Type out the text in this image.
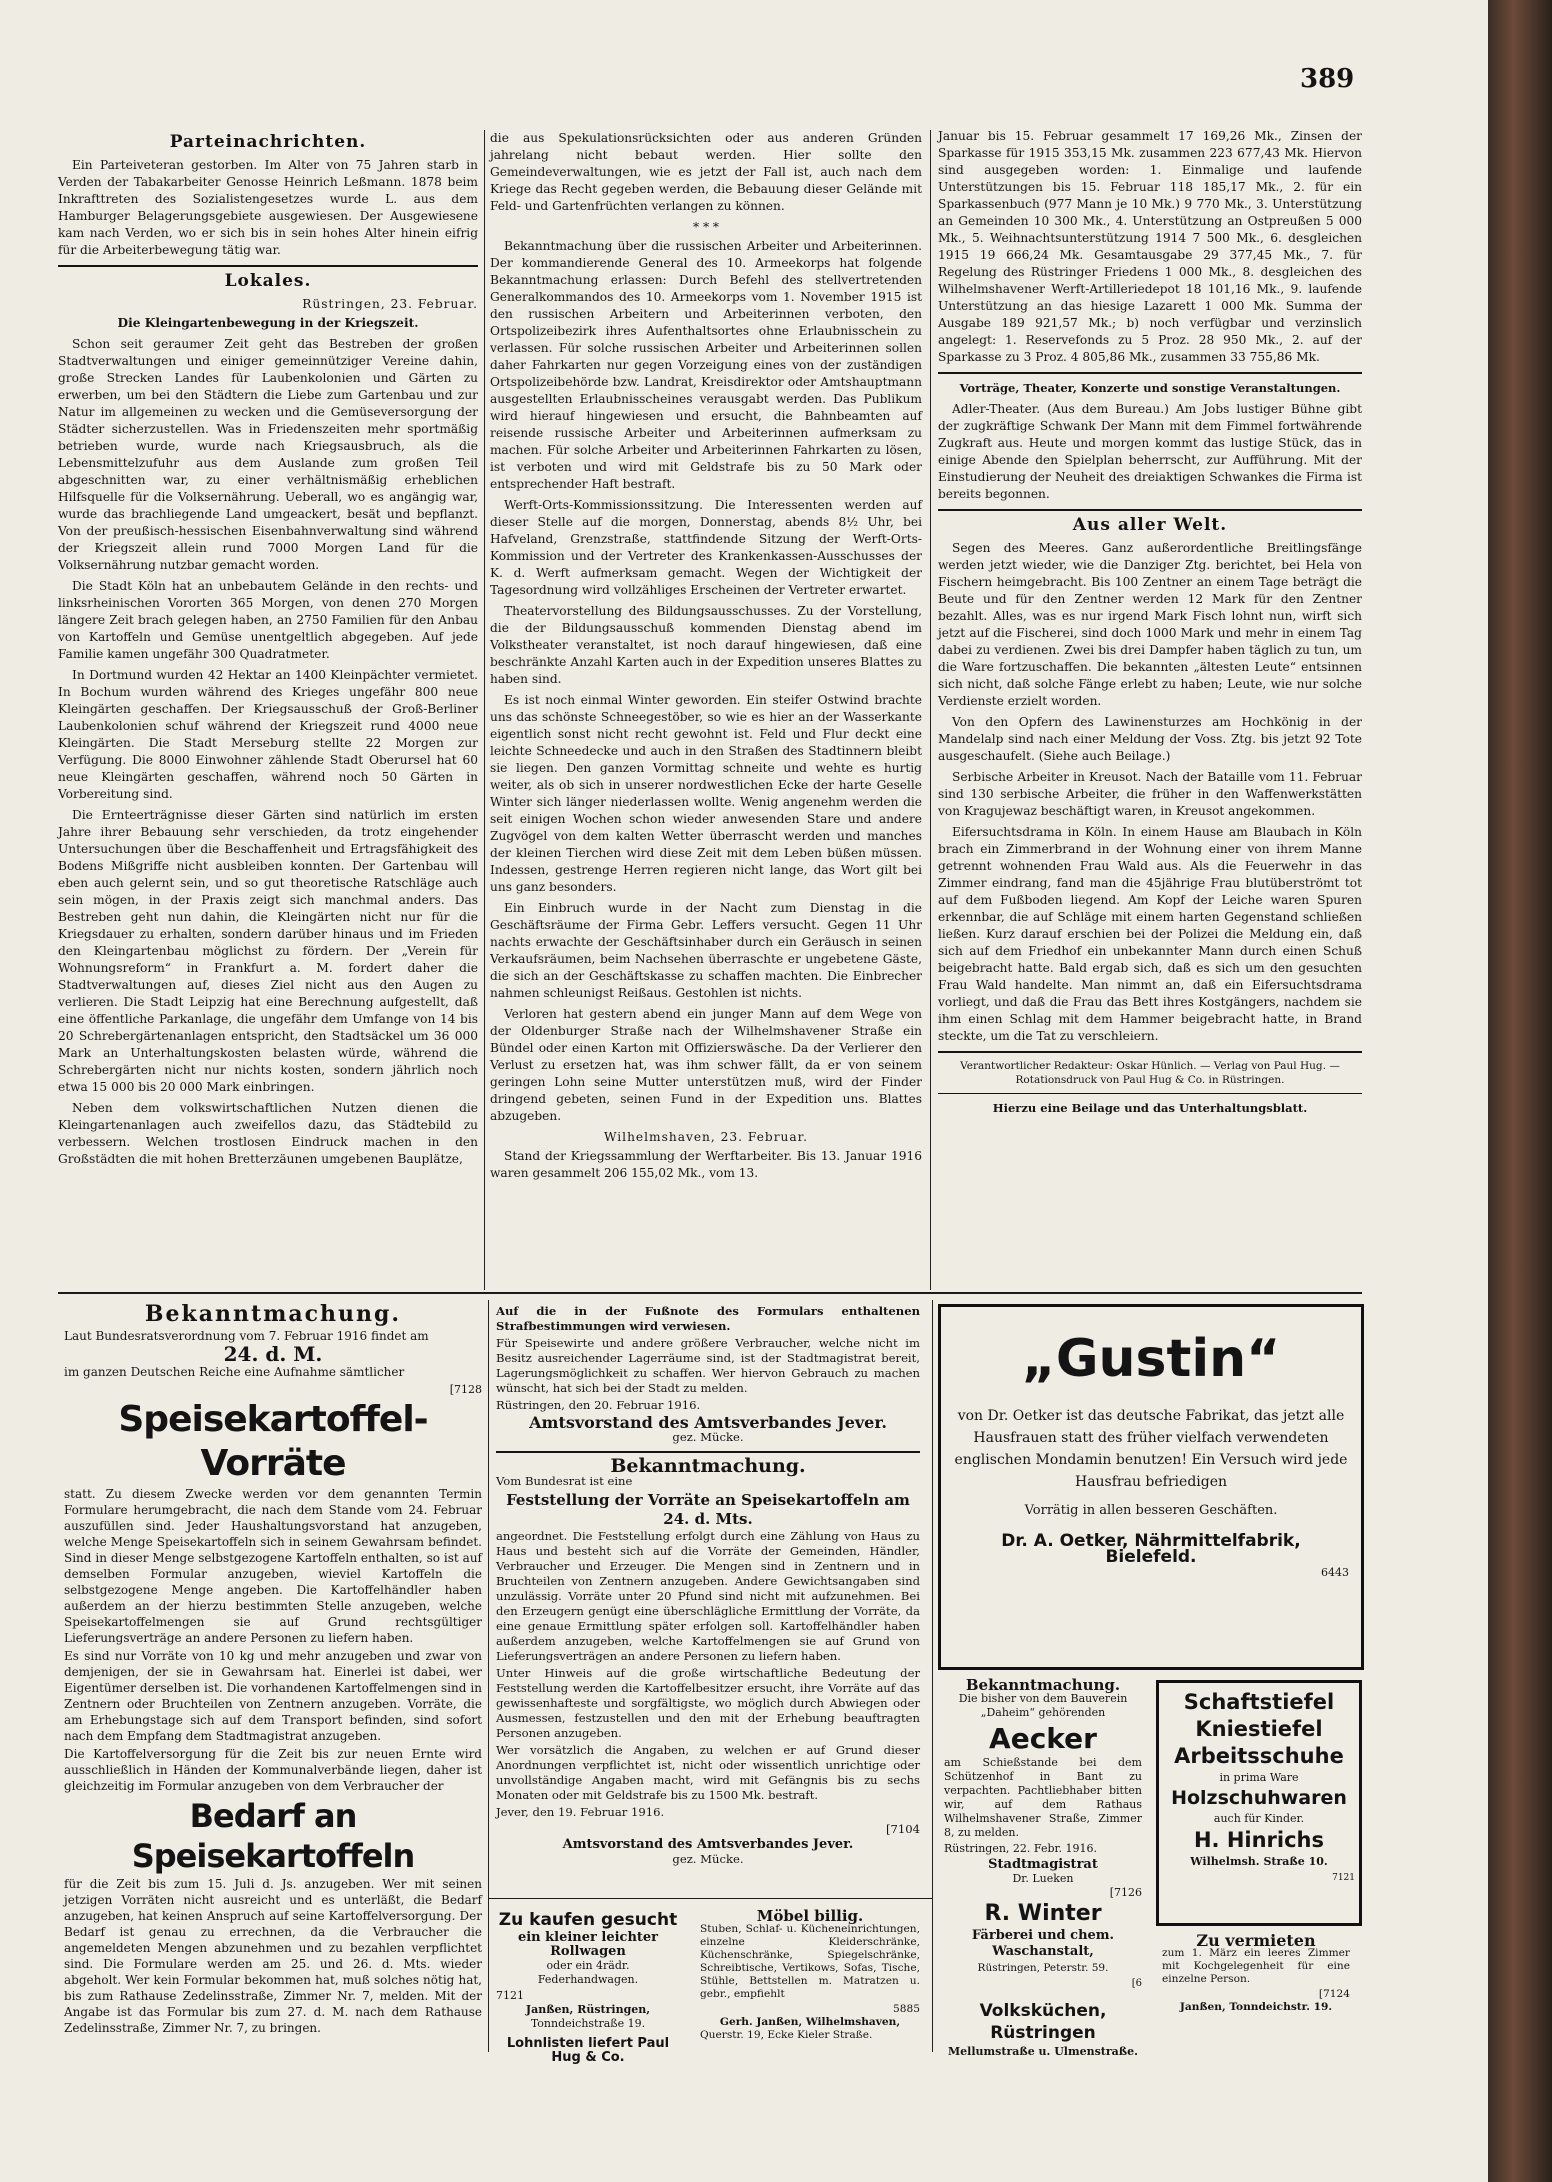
389
Parteinachrichten.

Ein Parteiveteran gestorben. Im Alter von 75 Jahren starb in Verden der Tabakarbeiter Genosse Heinrich Leßmann. 1878 beim Inkrafttreten des Sozialistengesetzes wurde L. aus dem Hamburger Belagerungsgebiete ausgewiesen. Der Ausgewiesene kam nach Verden, wo er sich bis in sein hohes Alter hinein eifrig für die Arbeiterbewegung tätig war.

Lokales.
Rüstringen, 23. Februar.
Die Kleingartenbewegung in der Kriegszeit.

Schon seit geraumer Zeit geht das Bestreben der großen Stadtverwaltungen und einiger gemeinnütziger Vereine dahin, große Strecken Landes für Laubenkolonien und Gärten zu erwerben, um bei den Städtern die Liebe zum Gartenbau und zur Natur im allgemeinen zu wecken und die Gemüseversorgung der Städter sicherzustellen. Was in Friedenszeiten mehr sportmäßig betrieben wurde, wurde nach Kriegsausbruch, als die Lebensmittelzufuhr aus dem Auslande zum großen Teil abgeschnitten war, zu einer verhältnismäßig erheblichen Hilfsquelle für die Volksernährung. Ueberall, wo es angängig war, wurde das brachliegende Land umgeackert, besät und bepflanzt. Von der preußisch-hessischen Eisenbahnverwaltung sind während der Kriegszeit allein rund 7000 Morgen Land für die Volksernährung nutzbar gemacht worden.

Die Stadt Köln hat an unbebautem Gelände in den rechts- und linksrheinischen Vororten 365 Morgen, von denen 270 Morgen längere Zeit brach gelegen haben, an 2750 Familien für den Anbau von Kartoffeln und Gemüse unentgeltlich abgegeben. Auf jede Familie kamen ungefähr 300 Quadratmeter.

In Dortmund wurden 42 Hektar an 1400 Kleinpächter vermietet. In Bochum wurden während des Krieges ungefähr 800 neue Kleingärten geschaffen. Der Kriegsausschuß der Groß-Berliner Laubenkolonien schuf während der Kriegszeit rund 4000 neue Kleingärten. Die Stadt Merseburg stellte 22 Morgen zur Verfügung. Die 8000 Einwohner zählende Stadt Oberursel hat 60 neue Kleingärten geschaffen, während noch 50 Gärten in Vorbereitung sind.

Die Ernteerträgnisse dieser Gärten sind natürlich im ersten Jahre ihrer Bebauung sehr verschieden, da trotz eingehender Untersuchungen über die Beschaffenheit und Ertragsfähigkeit des Bodens Mißgriffe nicht ausbleiben konnten. Der Gartenbau will eben auch gelernt sein, und so gut theoretische Ratschläge auch sein mögen, in der Praxis zeigt sich manchmal anders. Das Bestreben geht nun dahin, die Kleingärten nicht nur für die Kriegsdauer zu erhalten, sondern darüber hinaus und im Frieden den Kleingartenbau möglichst zu fördern. Der „Verein für Wohnungsreform“ in Frankfurt a. M. fordert daher die Stadtverwaltungen auf, dieses Ziel nicht aus den Augen zu verlieren. Die Stadt Leipzig hat eine Berechnung aufgestellt, daß eine öffentliche Parkanlage, die ungefähr dem Umfange von 14 bis 20 Schrebergärtenanlagen entspricht, den Stadtsäckel um 36 000 Mark an Unterhaltungskosten belasten würde, während die Schrebergärten nicht nur nichts kosten, sondern jährlich noch etwa 15 000 bis 20 000 Mark einbringen.

Neben dem volkswirtschaftlichen Nutzen dienen die Kleingartenanlagen auch zweifellos dazu, das Städtebild zu verbessern. Welchen trostlosen Eindruck machen in den Großstädten die mit hohen Bretterzäunen umgebenen Bauplätze,

die aus Spekulationsrücksichten oder aus anderen Gründen jahrelang nicht bebaut werden. Hier sollte den Gemeindeverwaltungen, wie es jetzt der Fall ist, auch nach dem Kriege das Recht gegeben werden, die Bebauung dieser Gelände mit Feld- und Gartenfrüchten verlangen zu können.

* * *

Bekanntmachung über die russischen Arbeiter und Arbeiterinnen. Der kommandierende General des 10. Armeekorps hat folgende Bekanntmachung erlassen: Durch Befehl des stellvertretenden Generalkommandos des 10. Armeekorps vom 1. November 1915 ist den russischen Arbeitern und Arbeiterinnen verboten, den Ortspolizeibezirk ihres Aufenthaltsortes ohne Erlaubnisschein zu verlassen. Für solche russischen Arbeiter und Arbeiterinnen sollen daher Fahrkarten nur gegen Vorzeigung eines von der zuständigen Ortspolizeibehörde bzw. Landrat, Kreisdirektor oder Amtshauptmann ausgestellten Erlaubnisscheines verausgabt werden. Das Publikum wird hierauf hingewiesen und ersucht, die Bahnbeamten auf reisende russische Arbeiter und Arbeiterinnen aufmerksam zu machen. Für solche Arbeiter und Arbeiterinnen Fahrkarten zu lösen, ist verboten und wird mit Geldstrafe bis zu 50 Mark oder entsprechender Haft bestraft.

Werft-Orts-Kommissionssitzung. Die Interessenten werden auf dieser Stelle auf die morgen, Donnerstag, abends 8½ Uhr, bei Hafveland, Grenzstraße, stattfindende Sitzung der Werft-Orts-Kommission und der Vertreter des Krankenkassen-Ausschusses der K. d. Werft aufmerksam gemacht. Wegen der Wichtigkeit der Tagesordnung wird vollzähliges Erscheinen der Vertreter erwartet.

Theatervorstellung des Bildungsausschusses. Zu der Vorstellung, die der Bildungsausschuß kommenden Dienstag abend im Volkstheater veranstaltet, ist noch darauf hingewiesen, daß eine beschränkte Anzahl Karten auch in der Expedition unseres Blattes zu haben sind.

Es ist noch einmal Winter geworden. Ein steifer Ostwind brachte uns das schönste Schneegestöber, so wie es hier an der Wasserkante eigentlich sonst nicht recht gewohnt ist. Feld und Flur deckt eine leichte Schneedecke und auch in den Straßen des Stadtinnern bleibt sie liegen. Den ganzen Vormittag schneite und wehte es hurtig weiter, als ob sich in unserer nordwestlichen Ecke der harte Geselle Winter sich länger niederlassen wollte. Wenig angenehm werden die seit einigen Wochen schon wieder anwesenden Stare und andere Zugvögel von dem kalten Wetter überrascht werden und manches der kleinen Tierchen wird diese Zeit mit dem Leben büßen müssen. Indessen, gestrenge Herren regieren nicht lange, das Wort gilt bei uns ganz besonders.

Ein Einbruch wurde in der Nacht zum Dienstag in die Geschäftsräume der Firma Gebr. Leffers versucht. Gegen 11 Uhr nachts erwachte der Geschäftsinhaber durch ein Geräusch in seinen Verkaufsräumen, beim Nachsehen überraschte er ungebetene Gäste, die sich an der Geschäftskasse zu schaffen machten. Die Einbrecher nahmen schleunigst Reißaus. Gestohlen ist nichts.

Verloren hat gestern abend ein junger Mann auf dem Wege von der Oldenburger Straße nach der Wilhelmshavener Straße ein Bündel oder einen Karton mit Offizierswäsche. Da der Verlierer den Verlust zu ersetzen hat, was ihm schwer fällt, da er von seinem geringen Lohn seine Mutter unterstützen muß, wird der Finder dringend gebeten, seinen Fund in der Expedition uns. Blattes abzugeben.

Wilhelmshaven, 23. Februar.

Stand der Kriegssammlung der Werftarbeiter. Bis 13. Januar 1916 waren gesammelt 206 155,02 Mk., vom 13.

Januar bis 15. Februar gesammelt 17 169,26 Mk., Zinsen der Sparkasse für 1915 353,15 Mk. zusammen 223 677,43 Mk. Hiervon sind ausgegeben worden: 1. Einmalige und laufende Unterstützungen bis 15. Februar 118 185,17 Mk., 2. für ein Sparkassenbuch (977 Mann je 10 Mk.) 9 770 Mk., 3. Unterstützung an Gemeinden 10 300 Mk., 4. Unterstützung an Ostpreußen 5 000 Mk., 5. Weihnachtsunterstützung 1914 7 500 Mk., 6. desgleichen 1915 19 666,24 Mk. Gesamtausgabe 29 377,45 Mk., 7. für Regelung des Rüstringer Friedens 1 000 Mk., 8. desgleichen des Wilhelmshavener Werft-Artilleriedepot 18 101,16 Mk., 9. laufende Unterstützung an das hiesige Lazarett 1 000 Mk. Summa der Ausgabe 189 921,57 Mk.; b) noch verfügbar und verzinslich angelegt: 1. Reservefonds zu 5 Proz. 28 950 Mk., 2. auf der Sparkasse zu 3 Proz. 4 805,86 Mk., zusammen 33 755,86 Mk.

Vorträge, Theater, Konzerte und sonstige Veranstaltungen.

Adler-Theater. (Aus dem Bureau.) Am Jobs lustiger Bühne gibt der zugkräftige Schwank Der Mann mit dem Fimmel fortwährende Zugkraft aus. Heute und morgen kommt das lustige Stück, das in einige Abende den Spielplan beherrscht, zur Aufführung. Mit der Einstudierung der Neuheit des dreiaktigen Schwankes die Firma ist bereits begonnen.

Aus aller Welt.

Segen des Meeres. Ganz außerordentliche Breitlingsfänge werden jetzt wieder, wie die Danziger Ztg. berichtet, bei Hela von Fischern heimgebracht. Bis 100 Zentner an einem Tage beträgt die Beute und für den Zentner werden 12 Mark für den Zentner bezahlt. Alles, was es nur irgend Mark Fisch lohnt nun, wirft sich jetzt auf die Fischerei, sind doch 1000 Mark und mehr in einem Tag dabei zu verdienen. Zwei bis drei Dampfer haben täglich zu tun, um die Ware fortzuschaffen. Die bekannten „ältesten Leute“ entsinnen sich nicht, daß solche Fänge erlebt zu haben; Leute, wie nur solche Verdienste erzielt worden.

Von den Opfern des Lawinensturzes am Hochkönig in der Mandelalp sind nach einer Meldung der Voss. Ztg. bis jetzt 92 Tote ausgeschaufelt. (Siehe auch Beilage.)

Serbische Arbeiter in Kreusot. Nach der Bataille vom 11. Februar sind 130 serbische Arbeiter, die früher in den Waffenwerkstätten von Kragujewaz beschäftigt waren, in Kreusot angekommen.

Eifersuchtsdrama in Köln. In einem Hause am Blaubach in Köln brach ein Zimmerbrand in der Wohnung einer von ihrem Manne getrennt wohnenden Frau Wald aus. Als die Feuerwehr in das Zimmer eindrang, fand man die 45jährige Frau blutüberströmt tot auf dem Fußboden liegend. Am Kopf der Leiche waren Spuren erkennbar, die auf Schläge mit einem harten Gegenstand schließen ließen. Kurz darauf erschien bei der Polizei die Meldung ein, daß sich auf dem Friedhof ein unbekannter Mann durch einen Schuß beigebracht hatte. Bald ergab sich, daß es sich um den gesuchten Frau Wald handelte. Man nimmt an, daß ein Eifersuchtsdrama vorliegt, und daß die Frau das Bett ihres Kostgängers, nachdem sie ihm einen Schlag mit dem Hammer beigebracht hatte, in Brand steckte, um die Tat zu verschleiern.

Verantwortlicher Redakteur: Oskar Hünlich. — Verlag von Paul Hug. — Rotationsdruck von Paul Hug & Co. in Rüstringen.
Hierzu eine Beilage und das Unterhaltungsblatt.
Bekanntmachung.

Laut Bundesratsverordnung vom 7. Februar 1916 findet am

24. d. M.

im ganzen Deutschen Reiche eine Aufnahme sämtlicher

[7128
Speisekartoffel-Vorräte

statt. Zu diesem Zwecke werden vor dem genannten Termin Formulare herumgebracht, die nach dem Stande vom 24. Februar auszufüllen sind. Jeder Haushaltungsvorstand hat anzugeben, welche Menge Speisekartoffeln sich in seinem Gewahrsam befindet. Sind in dieser Menge selbstgezogene Kartoffeln enthalten, so ist auf demselben Formular anzugeben, wieviel Kartoffeln die selbstgezogene Menge angeben. Die Kartoffelhändler haben außerdem an der hierzu bestimmten Stelle anzugeben, welche Speisekartoffelmengen sie auf Grund rechtsgültiger Lieferungsverträge an andere Personen zu liefern haben.

Es sind nur Vorräte von 10 kg und mehr anzugeben und zwar von demjenigen, der sie in Gewahrsam hat. Einerlei ist dabei, wer Eigentümer derselben ist. Die vorhandenen Kartoffelmengen sind in Zentnern oder Bruchteilen von Zentnern anzugeben. Vorräte, die am Erhebungstage sich auf dem Transport befinden, sind sofort nach dem Empfang dem Stadtmagistrat anzugeben.

Die Kartoffelversorgung für die Zeit bis zur neuen Ernte wird ausschließlich in Händen der Kommunalverbände liegen, daher ist gleichzeitig im Formular anzugeben von dem Verbraucher der

Bedarf an Speisekartoffeln

für die Zeit bis zum 15. Juli d. Js. anzugeben. Wer mit seinen jetzigen Vorräten nicht ausreicht und es unterläßt, die Bedarf anzugeben, hat keinen Anspruch auf seine Kartoffelversorgung. Der Bedarf ist genau zu errechnen, da die Verbraucher die angemeldeten Mengen abzunehmen und zu bezahlen verpflichtet sind. Die Formulare werden am 25. und 26. d. Mts. wieder abgeholt. Wer kein Formular bekommen hat, muß solches nötig hat, bis zum Rathause Zedelinsstraße, Zimmer Nr. 7, melden. Mit der Angabe ist das Formular bis zum 27. d. M. nach dem Rathause Zedelinsstraße, Zimmer Nr. 7, zu bringen.

Auf die in der Fußnote des Formulars enthaltenen Strafbestimmungen wird verwiesen.

Für Speisewirte und andere größere Verbraucher, welche nicht im Besitz ausreichender Lagerräume sind, ist der Stadtmagistrat bereit, Lagerungsmöglichkeit zu schaffen. Wer hiervon Gebrauch zu machen wünscht, hat sich bei der Stadt zu melden.

Rüstringen, den 20. Februar 1916.

Amtsvorstand des Amtsverbandes Jever.
gez. Mücke.
Bekanntmachung.

Vom Bundesrat ist eine

Feststellung der Vorräte an Speisekartoffeln am 24. d. Mts.

angeordnet. Die Feststellung erfolgt durch eine Zählung von Haus zu Haus und besteht sich auf die Vorräte der Gemeinden, Händler, Verbraucher und Erzeuger. Die Mengen sind in Zentnern und in Bruchteilen von Zentnern anzugeben. Andere Gewichtsangaben sind unzulässig. Vorräte unter 20 Pfund sind nicht mit aufzunehmen. Bei den Erzeugern genügt eine überschlägliche Ermittlung der Vorräte, da eine genaue Ermittlung später erfolgen soll. Kartoffelhändler haben außerdem anzugeben, welche Kartoffelmengen sie auf Grund von Lieferungsverträgen an andere Personen zu liefern haben.

Unter Hinweis auf die große wirtschaftliche Bedeutung der Feststellung werden die Kartoffelbesitzer ersucht, ihre Vorräte auf das gewissenhafteste und sorgfältigste, wo möglich durch Abwiegen oder Ausmessen, festzustellen und den mit der Erhebung beauftragten Personen anzugeben.

Wer vorsätzlich die Angaben, zu welchen er auf Grund dieser Anordnungen verpflichtet ist, nicht oder wissentlich unrichtige oder unvollständige Angaben macht, wird mit Gefängnis bis zu sechs Monaten oder mit Geldstrafe bis zu 1500 Mk. bestraft.

Jever, den 19. Februar 1916.

[7104
Amtsvorstand des Amtsverbandes Jever.
gez. Mücke.
„Gustin“

von Dr. Oetker ist das deutsche Fabrikat, das jetzt alle Hausfrauen statt des früher vielfach verwendeten englischen Mondamin benutzen! Ein Versuch wird jede Hausfrau befriedigen

Vorrätig in allen besseren Geschäften.

Dr. A. Oetker, Nährmittelfabrik, Bielefeld.
6443
Bekanntmachung.

Die bisher von dem Bauverein „Daheim“ gehörenden

Aecker

am Schießstande bei dem Schützenhof in Bant zu verpachten. Pachtliebhaber bitten wir, auf dem Rathaus Wilhelmshavener Straße, Zimmer 8, zu melden.

Rüstringen, 22. Febr. 1916.

Stadtmagistrat
Dr. Lueken
[7126
Schaftstiefel
Kniestiefel
Arbeitsschuhe
in prima Ware
Holzschuhwaren
auch für Kinder.
H. Hinrichs
Wilhelmsh. Straße 10.
7121
Zu kaufen gesucht
ein kleiner leichter Rollwagen

oder ein 4rädr. Federhandwagen.

7121
Janßen, Rüstringen,
Tonndeichstraße 19.
Lohnlisten liefert Paul Hug & Co.
Möbel billig.

Stuben, Schlaf- u. Kücheneinrichtungen, einzelne Kleiderschränke, Küchenschränke, Spiegelschränke, Schreibtische, Vertikows, Sofas, Tische, Stühle, Bettstellen m. Matratzen u. gebr., empfiehlt

5885
Gerh. Janßen, Wilhelmshaven,
Querstr. 19, Ecke Kieler Straße.
R. Winter
Färberei und chem. Waschanstalt,
Rüstringen, Peterstr. 59.
[6
Volksküchen, Rüstringen
Mellumstraße u. Ulmenstraße.
Zu vermieten

zum 1. März ein leeres Zimmer mit Kochgelegenheit für eine einzelne Person.

[7124
Janßen, Tonndeichstr. 19.
